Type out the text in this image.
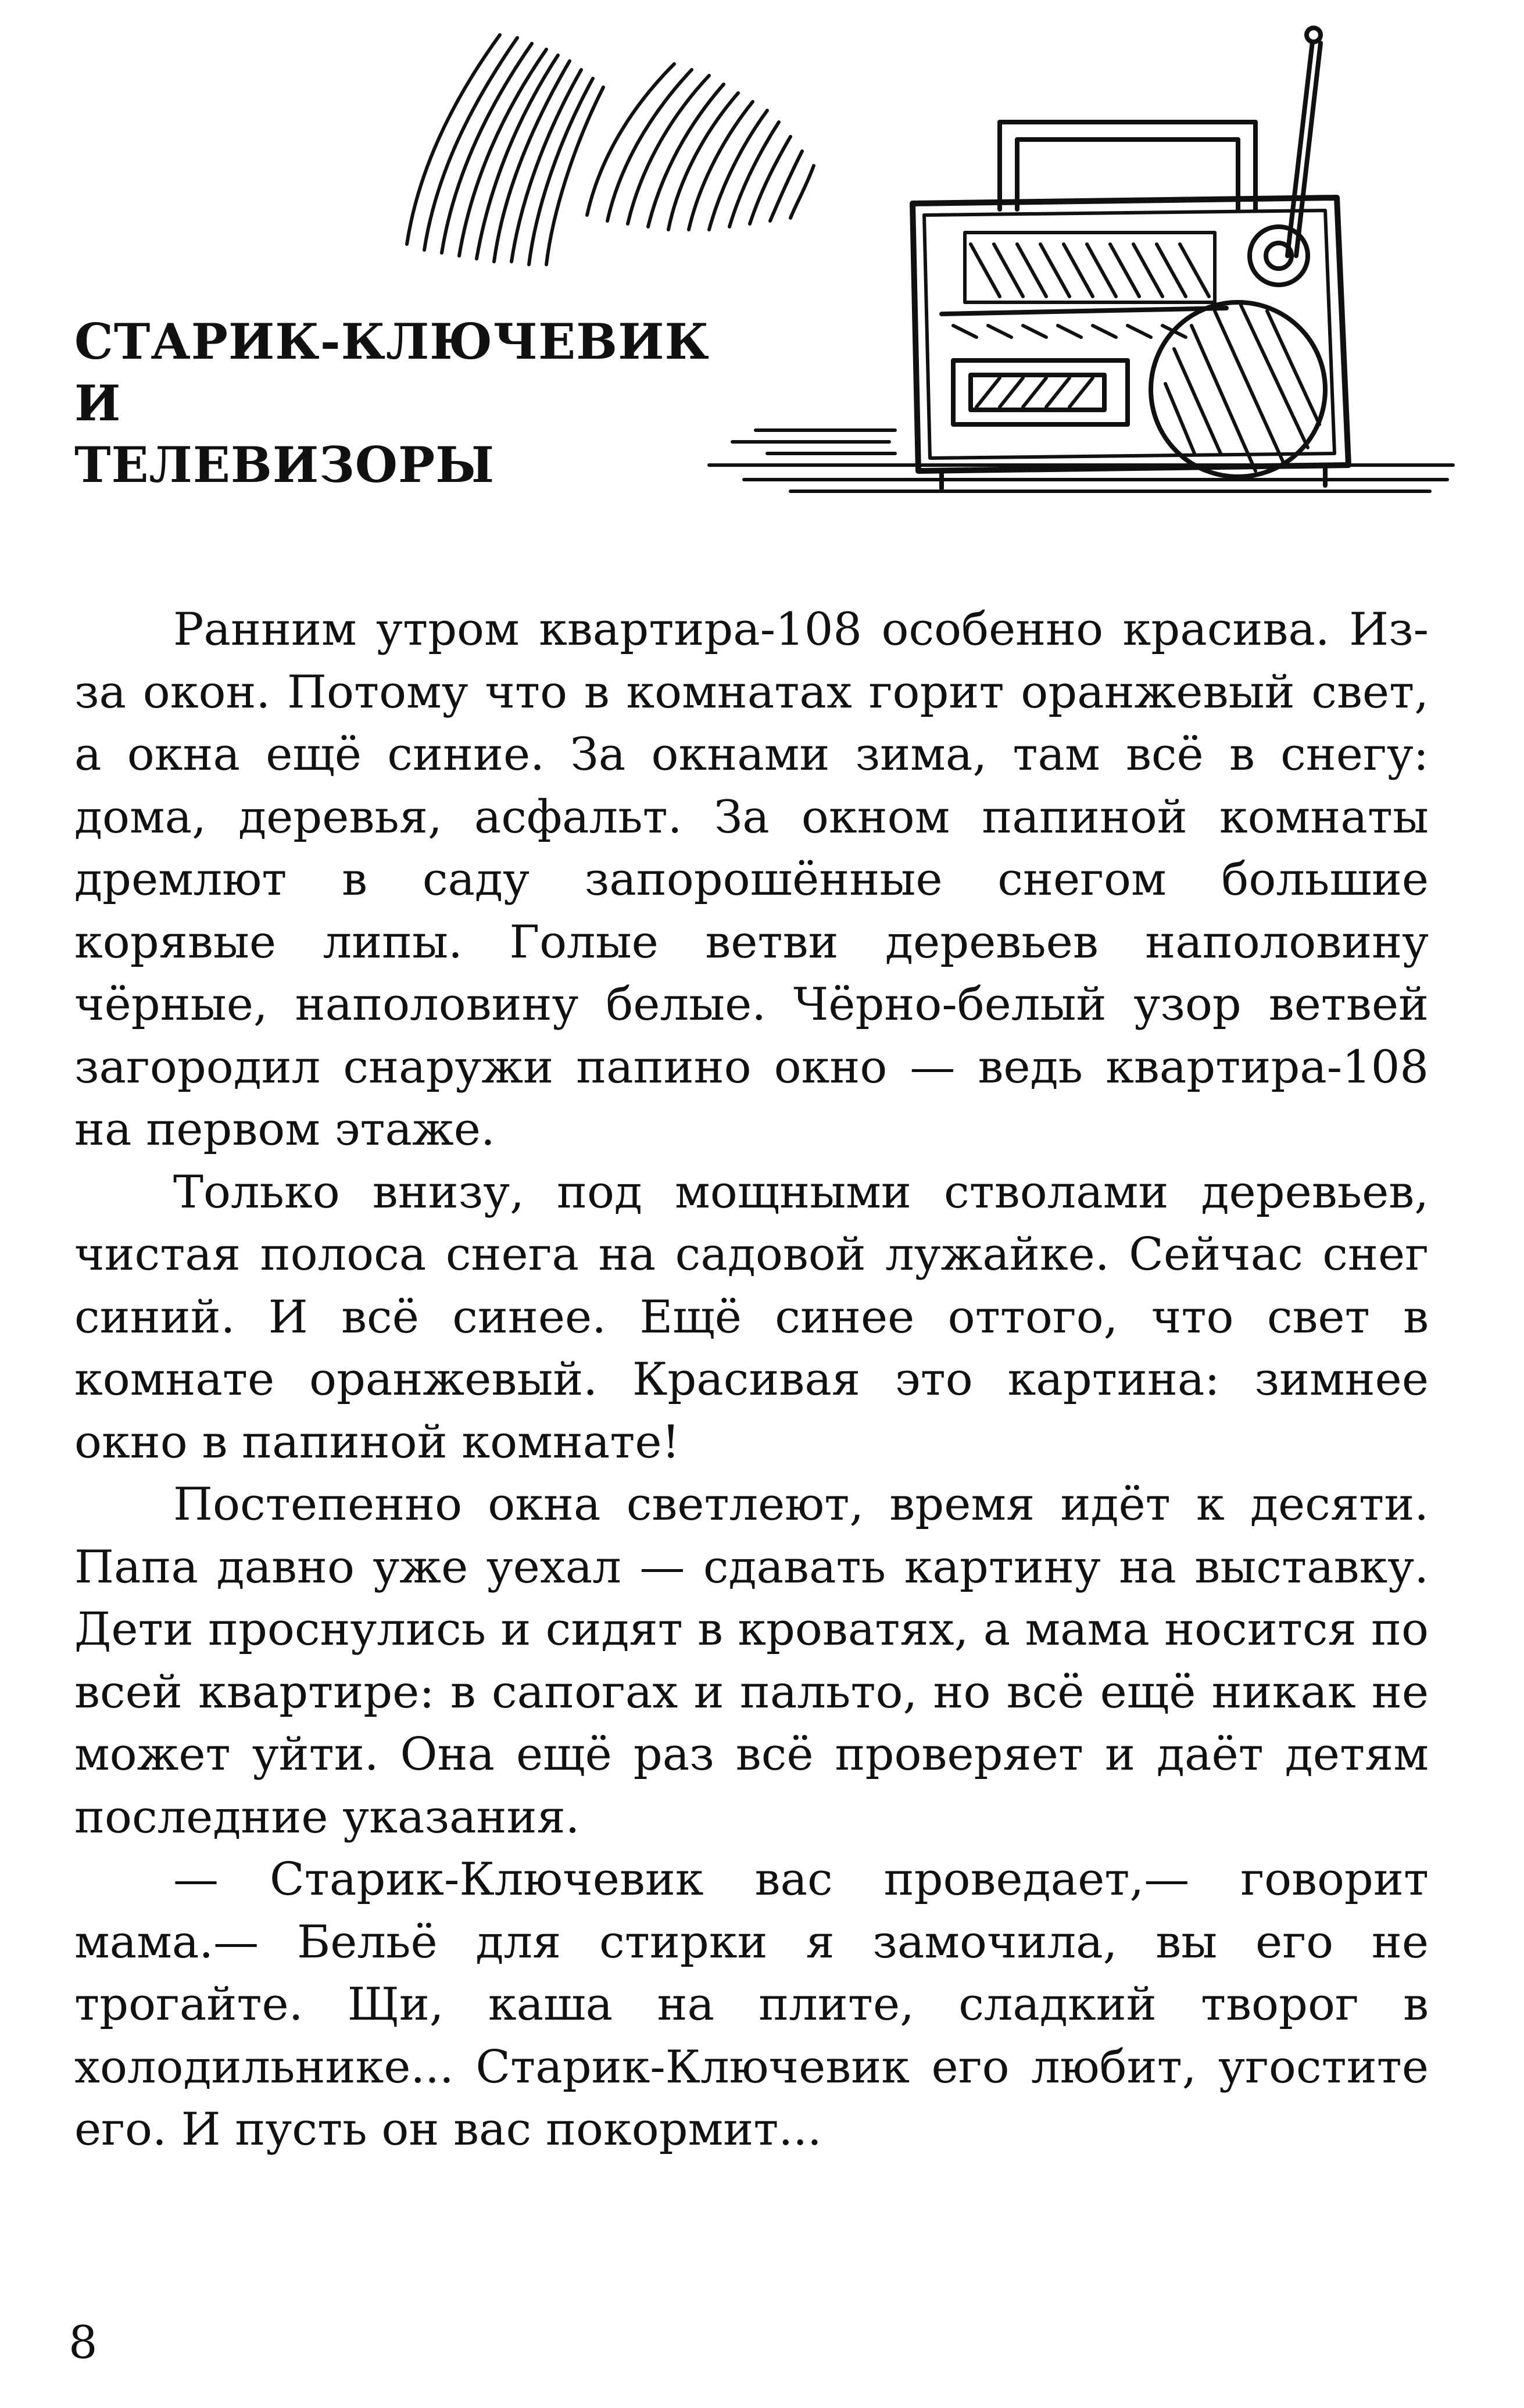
СТАРИК-КЛЮЧЕВИК
И
ТЕЛЕВИЗОРЫ

Ранним утром квартира-108 особенно красива. Из-за окон. Потому что в комнатах горит оранжевый свет, а окна ещё синие. За окнами зима, там всё в снегу: дома, деревья, асфальт. За окном папиной комнаты дремлют в саду запорошённые снегом большие корявые липы. Голые ветви деревьев наполовину чёрные, наполовину белые. Чёрно-белый узор ветвей загородил снаружи папино окно — ведь квартира-108 на первом этаже.

Только внизу, под мощными стволами деревьев, чистая полоса снега на садовой лужайке. Сейчас снег синий. И всё синее. Ещё синее оттого, что свет в комнате оранжевый. Красивая это картина: зимнее окно в папиной комнате!

Постепенно окна светлеют, время идёт к десяти. Папа давно уже уехал — сдавать картину на выставку. Дети проснулись и сидят в кроватях, а мама носится по всей квартире: в сапогах и пальто, но всё ещё никак не может уйти. Она ещё раз всё проверяет и даёт детям последние указания.

— Старик-Ключевик вас проведает,— говорит мама.— Бельё для стирки я замочила, вы его не трогайте. Щи, каша на плите, сладкий творог в холодильнике... Старик-Ключевик его любит, угостите его. И пусть он вас покормит...

8
